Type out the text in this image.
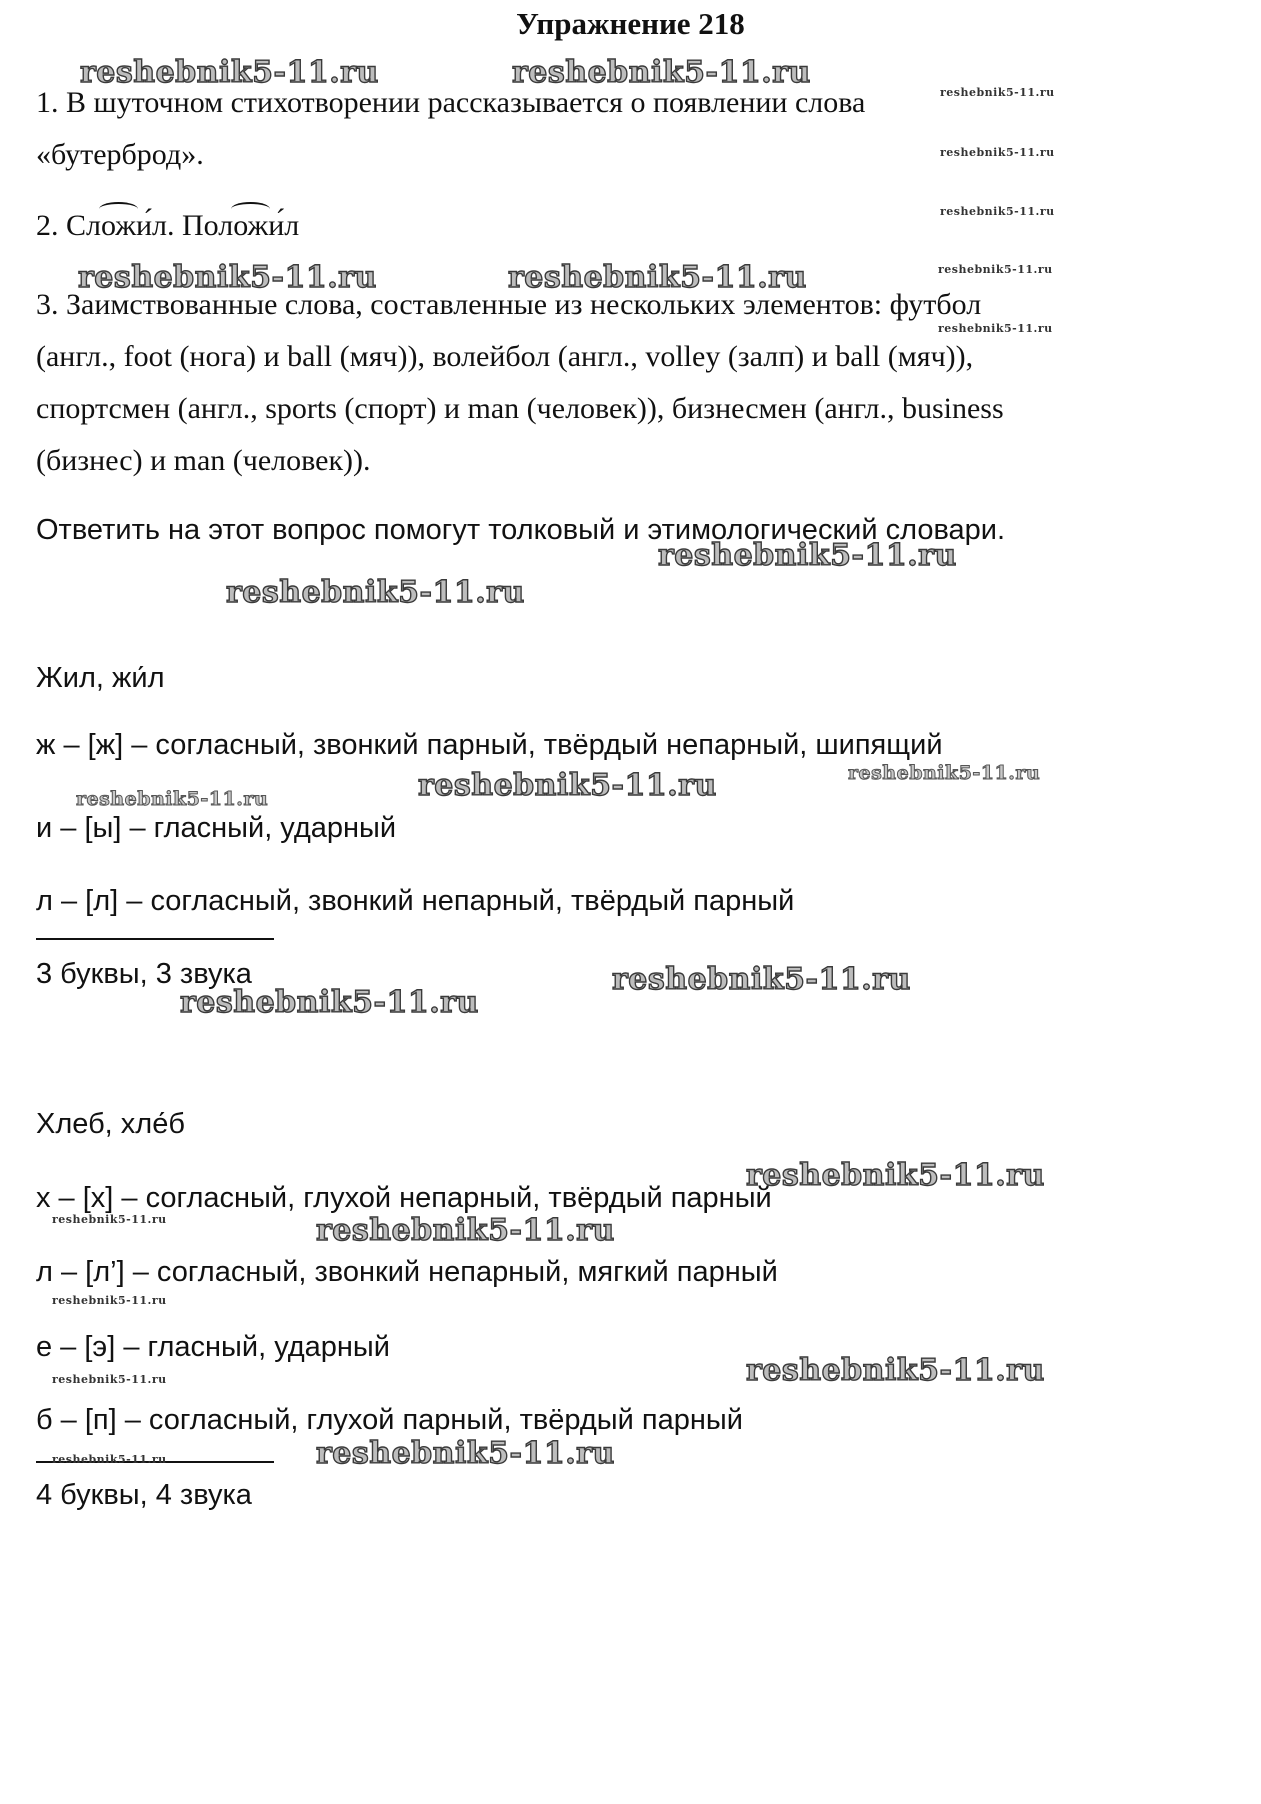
Упражнение 218
1. В шуточном стихотворении рассказывается о появлении слова
«бутерброд».
2. Сложи́л. Положи́л
3. Заимствованные слова, составленные из нескольких элементов: футбол
(англ., foot (нога) и ball (мяч)), волейбол (англ., volley (залп) и ball (мяч)),
спортсмен (англ., sports (спорт) и man (человек)), бизнесмен (англ., business
(бизнес) и man (человек)).
Ответить на этот вопрос помогут толковый и этимологический словари.
Жил, жи́л
ж – [ж] – согласный, звонкий парный, твёрдый непарный, шипящий
и – [ы] – гласный, ударный
л – [л] – согласный, звонкий непарный, твёрдый парный
3 буквы, 3 звука
Хлеб, хле́б
х – [х] – согласный, глухой непарный, твёрдый парный
л – [л’] – согласный, звонкий непарный, мягкий парный
е – [э] – гласный, ударный
б – [п] – согласный, глухой парный, твёрдый парный
4 буквы, 4 звука
reshebnik5-11.ru	reshebnik5-11.ru
reshebnik5-11.ru
reshebnik5-11.ru
reshebnik5-11.ru
reshebnik5-11.ru	reshebnik5-11.ru	reshebnik5-11.ru
reshebnik5-11.ru
reshebnik5-11.ru
reshebnik5-11.ru
reshebnik5-11.ru
reshebnik5-11.ru
reshebnik5-11.ru
reshebnik5-11.ru
reshebnik5-11.ru
reshebnik5-11.ru
reshebnik5-11.ru	reshebnik5-11.ru
reshebnik5-11.ru
reshebnik5-11.ru
reshebnik5-11.ru
reshebnik5-11.ru
reshebnik5-11.ru
